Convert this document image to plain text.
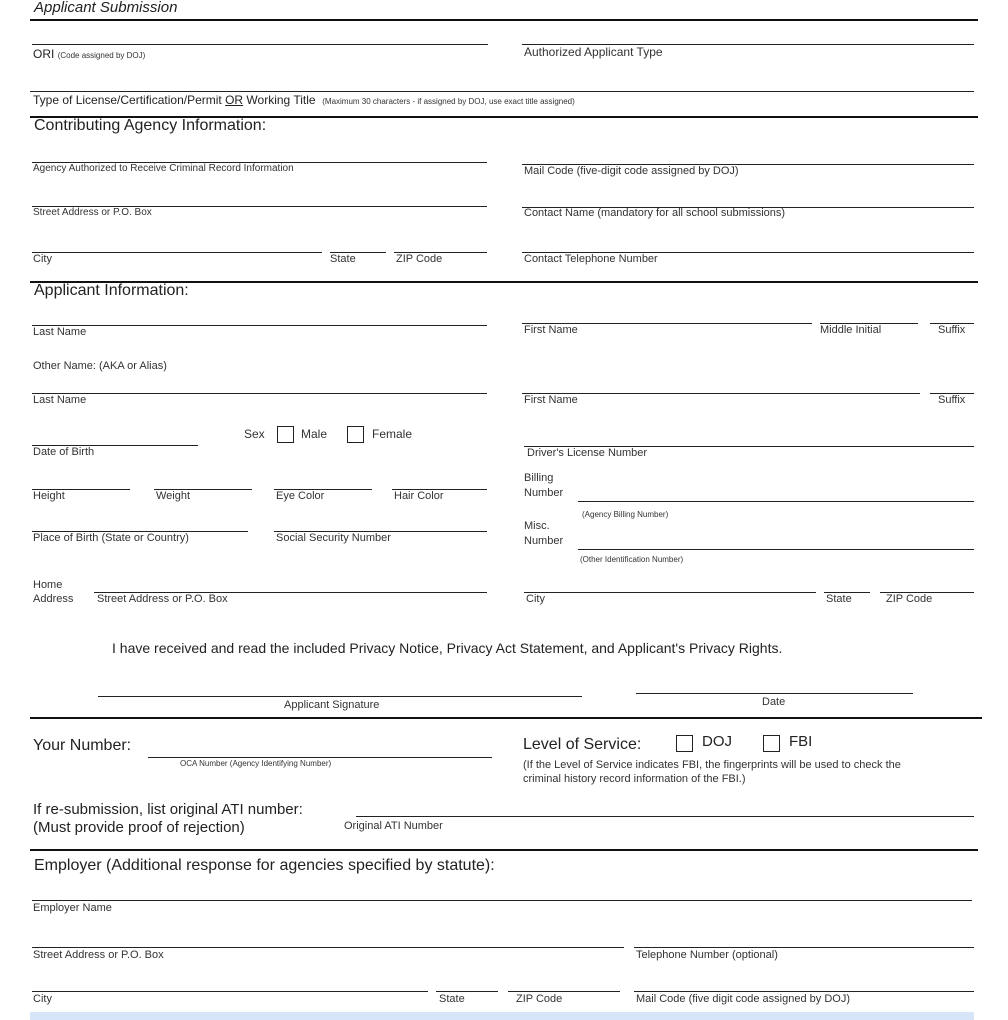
Applicant Submission
ORI (Code assigned by DOJ)	Authorized Applicant Type
Type of License/Certification/Permit OR Working Title (Maximum 30 characters - if assigned by DOJ, use exact title assigned)
Contributing Agency Information:
Agency Authorized to Receive Criminal Record Information	Mail Code (five-digit code assigned by DOJ)
Street Address or P.O. Box	Contact Name (mandatory for all school submissions)
City	State	ZIP Code	Contact Telephone Number
Applicant Information:
Last Name	First Name	Middle Initial	Suffix
Other Name: (AKA or Alias)
Last Name	First Name	Suffix
Sex	Male	Female
Date of Birth	Driver's License Number
Height	Weight	Eye Color	Hair Color
Billing
Number
(Agency Billing Number)
Place of Birth (State or Country)	Social Security Number
Misc.
Number
(Other Identification Number)
Home
Address Street Address or P.O. Box	City	State	ZIP Code
I have received and read the included Privacy Notice, Privacy Act Statement, and Applicant's Privacy Rights.
Applicant Signature	Date
Your Number:
OCA Number (Agency Identifying Number)
Level of Service:	DOJ	FBI
(If the Level of Service indicates FBI, the fingerprints will be used to check the
criminal history record information of the FBI.)
If re-submission, list original ATI number:
(Must provide proof of rejection)	Original ATI Number
Employer (Additional response for agencies specified by statute):
Employer Name
Street Address or P.O. Box	Telephone Number (optional)
City	State	ZIP Code	Mail Code (five digit code assigned by DOJ)
